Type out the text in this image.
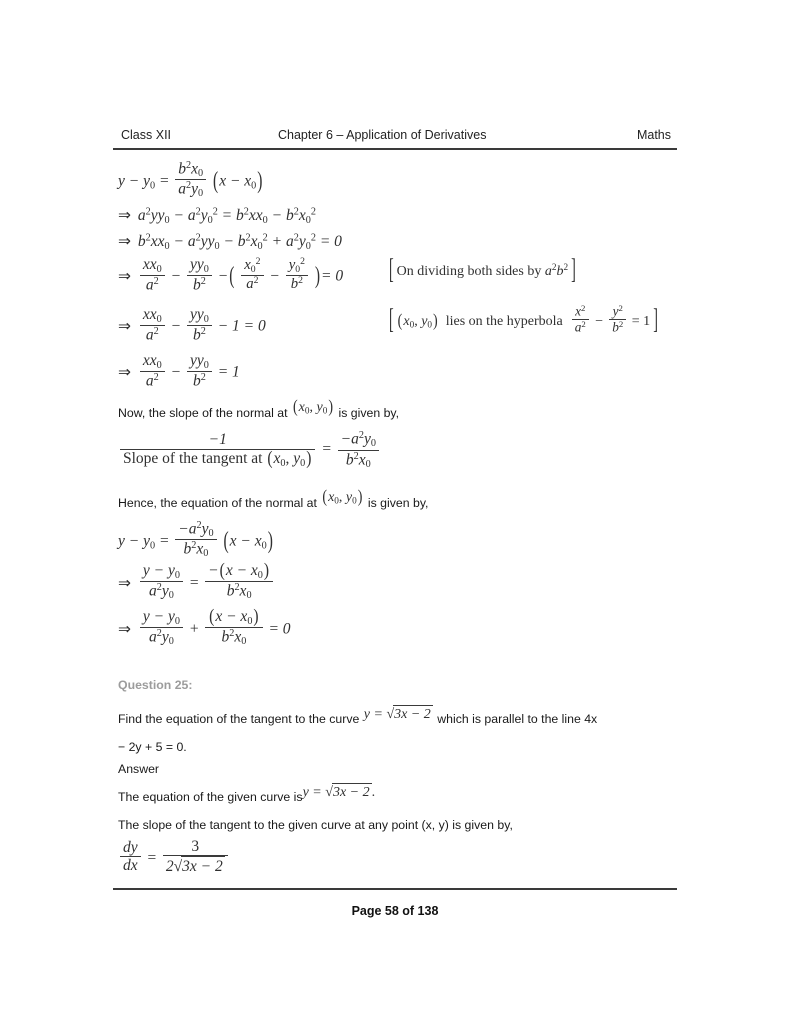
Class XII	Chapter 6 – Application of Derivatives	Maths
$y - y_0 = \frac{b^2x_0}{a^2y_0} (x - x_0)$
⇒ $a^2yy_0 - a^2y_0^2 = b^2xx_0 - b^2x_0^2$
⇒ $b^2xx_0 - a^2yy_0 - b^2x_0^2 + a^2y_0^2 = 0$
⇒ $\frac{xx_0}{a^2} - \frac{yy_0}{b^2}$ −( $\frac{x_0^2}{a^2} - \frac{y_0^2}{b^2}$ )= 0	[ On dividing both sides by $a^2b^2$ ]
⇒ $\frac{xx_0}{a^2} - \frac{yy_0}{b^2} - 1 = 0$	[ ($x_0$, $y_0$)  lies on the hyperbola $\frac{x^2}{a^2} - \frac{y^2}{b^2} = 1$ ]
⇒ $\frac{xx_0}{a^2} - \frac{yy_0}{b^2} = 1$
Now, the slope of the normal at ($x_0$, $y_0$) is given by,
$\frac{-1}{Slope of the tangent at (x_0, y_0)} = \frac{-a^2y_0}{b^2x_0}$
Hence, the equation of the normal at ($x_0$, $y_0$) is given by,
$y - y_0 = \frac{-a^2y_0}{b^2x_0} (x - x_0)$
⇒ $\frac{y - y_0}{a^2y_0} = \frac{-(x - x_0)}{b^2x_0}$
⇒ $\frac{y - y_0}{a^2y_0} + \frac{(x - x_0)}{b^2x_0} = 0$
Question 25:
Find the equation of the tangent to the curve y = √3x − 2 which is parallel to the line 4x
− 2y + 5 = 0.
Answer
The equation of the given curve isy = √3x − 2 .
The slope of the tangent to the given curve at any point (x, y) is given by,
$\frac{dy}{dx} = \frac{3}{2√3x - 2}$
Page 58 of 138
